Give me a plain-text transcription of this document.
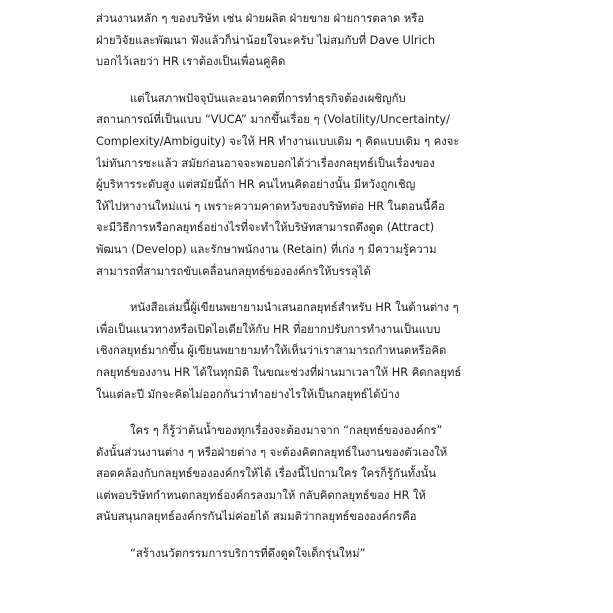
ส่วนงานหลัก ๆ ของบริษัท เช่น ฝ่ายผลิต ฝ่ายขาย ฝ่ายการตลาด หรือ
ฝ่ายวิจัยและพัฒนา ฟังแล้วก็น่าน้อยใจนะครับ ไม่สมกับที่ Dave Ulrich
บอกไว้เลยว่า HR เราต้องเป็นเพื่อนคู่คิด
แต่ในสภาพปัจจุบันและอนาคตที่การทำธุรกิจต้องเผชิญกับ
สถานการณ์ที่เป็นแบบ “VUCA” มากขึ้นเรื่อย ๆ (Volatility/Uncertainty/
Complexity/Ambiguity) จะให้ HR ทำงานแบบเดิม ๆ คิดแบบเดิม ๆ คงจะ
ไม่ทันการซะแล้ว สมัยก่อนอาจจะพอบอกได้ว่าเรื่องกลยุทธ์เป็นเรื่องของ
ผู้บริหารระดับสูง แต่สมัยนี้ถ้า HR คนไหนคิดอย่างนั้น มีหวังถูกเชิญ
ให้ไปหางานใหม่แน่ ๆ เพราะความคาดหวังของบริษัทต่อ HR ในตอนนี้คือ
จะมีวิธีการหรือกลยุทธ์อย่างไรที่จะทำให้บริษัทสามารถดึงดูด (Attract)
พัฒนา (Develop) และรักษาพนักงาน (Retain) ที่เก่ง ๆ มีความรู้ความ
สามารถที่สามารถขับเคลื่อนกลยุทธ์ขององค์กรให้บรรลุได้
หนังสือเล่มนี้ผู้เขียนพยายามนำเสนอกลยุทธ์สำหรับ HR ในด้านต่าง ๆ
เพื่อเป็นแนวทางหรือเปิดไอเดียให้กับ HR ที่อยากปรับการทำงานเป็นแบบ
เชิงกลยุทธ์มากขึ้น ผู้เขียนพยายามทำให้เห็นว่าเราสามารถกำหนดหรือคิด
กลยุทธ์ของงาน HR ได้ในทุกมิติ ในขณะช่วงที่ผ่านมาเวลาให้ HR คิดกลยุทธ์
ในแต่ละปี มักจะคิดไม่ออกกันว่าทำอย่างไรให้เป็นกลยุทธ์ได้บ้าง
ใคร ๆ ก็รู้ว่าต้นน้ำของทุกเรื่องจะต้องมาจาก “กลยุทธ์ขององค์กร”
ดังนั้นส่วนงานต่าง ๆ หรือฝ่ายต่าง ๆ จะต้องคิดกลยุทธ์ในงานของตัวเองให้
สอดคล้องกับกลยุทธ์ขององค์กรให้ได้ เรื่องนี้ไปถามใคร ใครก็รู้กันทั้งนั้น
แต่พอบริษัทกำหนดกลยุทธ์องค์กรลงมาให้ กลับคิดกลยุทธ์ของ HR ให้
สนับสนุนกลยุทธ์องค์กรกันไม่ค่อยได้ สมมติว่ากลยุทธ์ขององค์กรคือ
“สร้างนวัตกรรมการบริการที่ดึงดูดใจเด็กรุ่นใหม่”
